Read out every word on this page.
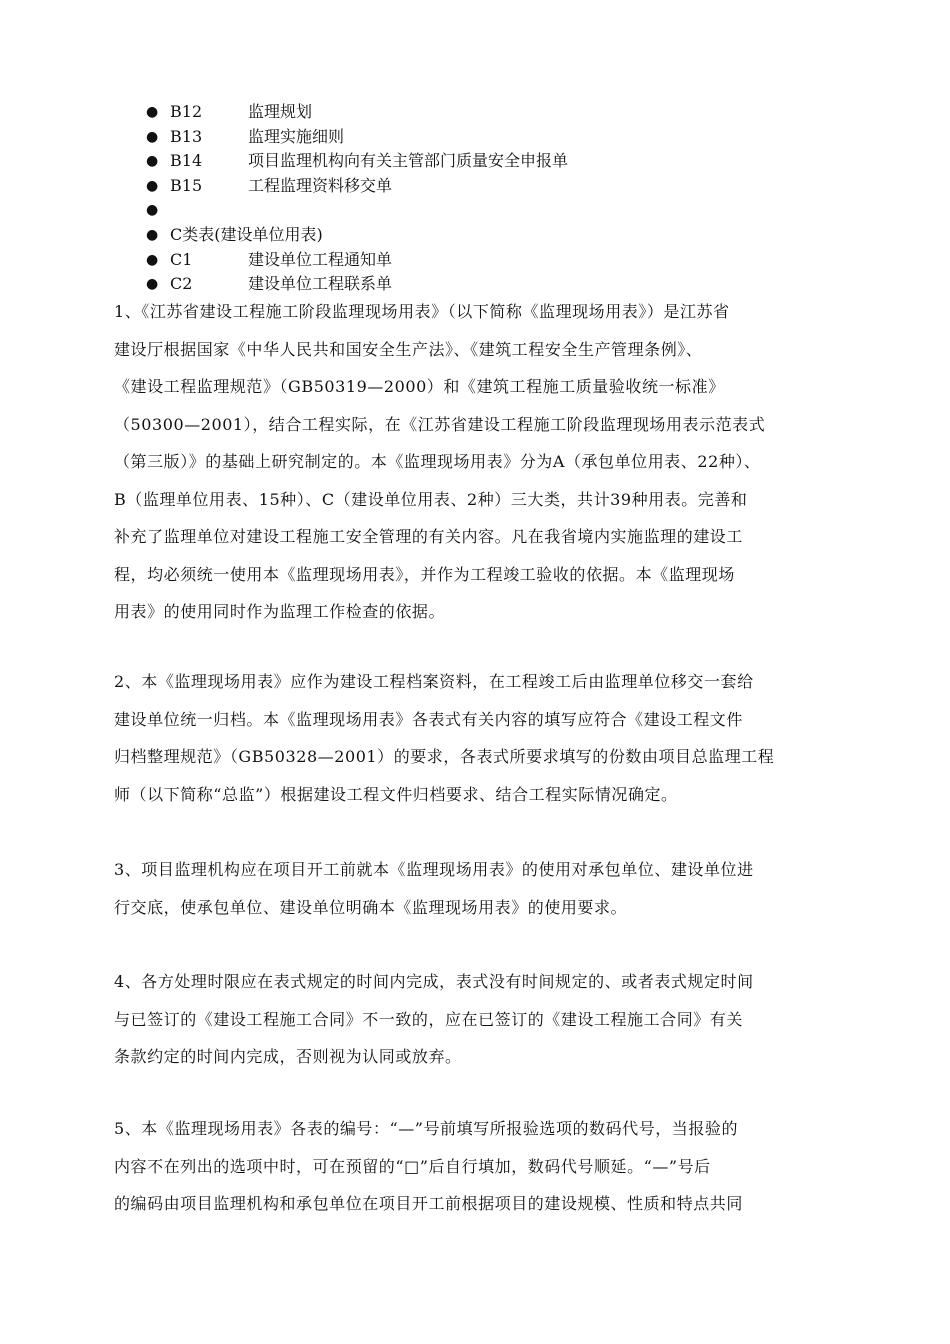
● B12	监理规划
● B13	监理实施细则
● B14	项目监理机构向有关主管部门质量安全申报单
● B15	工程监理资料移交单
●
● C类表(建设单位用表)
● C1	建设单位工程通知单
● C2	建设单位工程联系单

1、《江苏省建设工程施工阶段监理现场用表》（以下简称《监理现场用表》）是江苏省
建设厅根据国家《中华人民共和国安全生产法》、《建筑工程安全生产管理条例》、
《建设工程监理规范》（GB50319—2000）和《建筑工程施工质量验收统一标准》
（50300—2001），结合工程实际，在《江苏省建设工程施工阶段监理现场用表示范表式
（第三版）》的基础上研究制定的。本《监理现场用表》分为A（承包单位用表、22种）、
B（监理单位用表、15种）、C（建设单位用表、2种）三大类，共计39种用表。完善和
补充了监理单位对建设工程施工安全管理的有关内容。凡在我省境内实施监理的建设工
程，均必须统一使用本《监理现场用表》，并作为工程竣工验收的依据。本《监理现场
用表》的使用同时作为监理工作检查的依据。

2、本《监理现场用表》应作为建设工程档案资料，在工程竣工后由监理单位移交一套给
建设单位统一归档。本《监理现场用表》各表式有关内容的填写应符合《建设工程文件
归档整理规范》（GB50328—2001）的要求，各表式所要求填写的份数由项目总监理工程
师（以下简称“总监”）根据建设工程文件归档要求、结合工程实际情况确定。

3、项目监理机构应在项目开工前就本《监理现场用表》的使用对承包单位、建设单位进
行交底，使承包单位、建设单位明确本《监理现场用表》的使用要求。

4、各方处理时限应在表式规定的时间内完成，表式没有时间规定的、或者表式规定时间
与已签订的《建设工程施工合同》不一致的，应在已签订的《建设工程施工合同》有关
条款约定的时间内完成，否则视为认同或放弃。

5、本《监理现场用表》各表的编号：“—”号前填写所报验选项的数码代号，当报验的
内容不在列出的选项中时，可在预留的“□”后自行填加，数码代号顺延。“—”号后
的编码由项目监理机构和承包单位在项目开工前根据项目的建设规模、性质和特点共同
